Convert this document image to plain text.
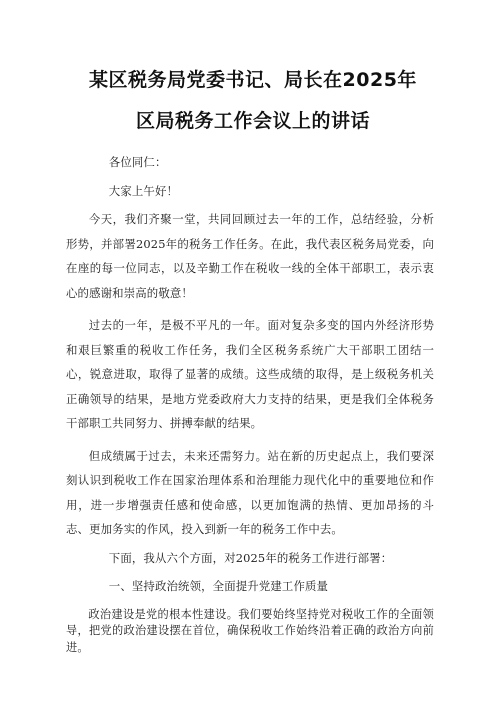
某区税务局党委书记、局长在2025年
区局税务工作会议上的讲话

各位同仁：

大家上午好！

今天，我们齐聚一堂，共同回顾过去一年的工作，总结经验，分析形势，并部署2025年的税务工作任务。在此，我代表区税务局党委，向在座的每一位同志，以及辛勤工作在税收一线的全体干部职工，表示衷心的感谢和崇高的敬意！

过去的一年，是极不平凡的一年。面对复杂多变的国内外经济形势和艰巨繁重的税收工作任务，我们全区税务系统广大干部职工团结一心，锐意进取，取得了显著的成绩。这些成绩的取得，是上级税务机关正确领导的结果，是地方党委政府大力支持的结果，更是我们全体税务干部职工共同努力、拼搏奉献的结果。

但成绩属于过去，未来还需努力。站在新的历史起点上，我们要深刻认识到税收工作在国家治理体系和治理能力现代化中的重要地位和作用，进一步增强责任感和使命感，以更加饱满的热情、更加昂扬的斗志、更加务实的作风，投入到新一年的税务工作中去。

下面，我从六个方面，对2025年的税务工作进行部署：

一、坚持政治统领，全面提升党建工作质量

政治建设是党的根本性建设。我们要始终坚持党对税收工作的全面领导，把党的政治建设摆在首位，确保税收工作始终沿着正确的政治方向前进。
